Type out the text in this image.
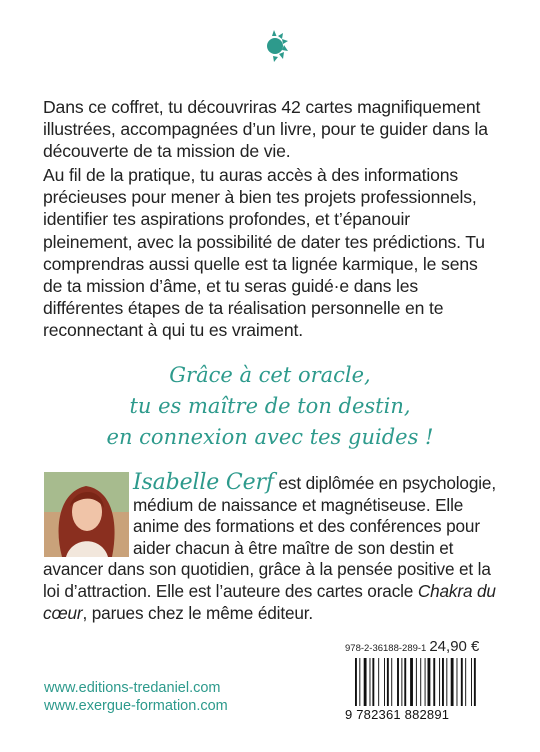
Dans ce coffret, tu découvriras 42 cartes magnifiquement illustrées, accompagnées d’un livre, pour te guider dans la découverte de ta mission de vie.

Au fil de la pratique, tu auras accès à des informations précieuses pour mener à bien tes projets professionnels, identifier tes aspirations profondes, et t’épanouir pleinement, avec la possibilité de dater tes prédictions. Tu comprendras aussi quelle est ta lignée karmique, le sens de ta mission d’âme, et tu seras guidé·e dans les différentes étapes de ta réalisation personnelle en te reconnectant à qui tu es vraiment.

Grâce à cet oracle,
tu es maître de ton destin,
en connexion avec tes guides !

Isabelle Cerf est diplômée en psychologie, médium de naissance et magnétiseuse. Elle anime des formations et des conférences pour aider chacun à être maître de son destin et avancer dans son quotidien, grâce à la pensée positive et la loi d’attraction. Elle est l’auteure des cartes oracle Chakra du cœur, parues chez le même éditeur.

www.editions-tredaniel.com
www.exergue-formation.com
978-2-36188-289-1 24,90 €
9 782361 882891
